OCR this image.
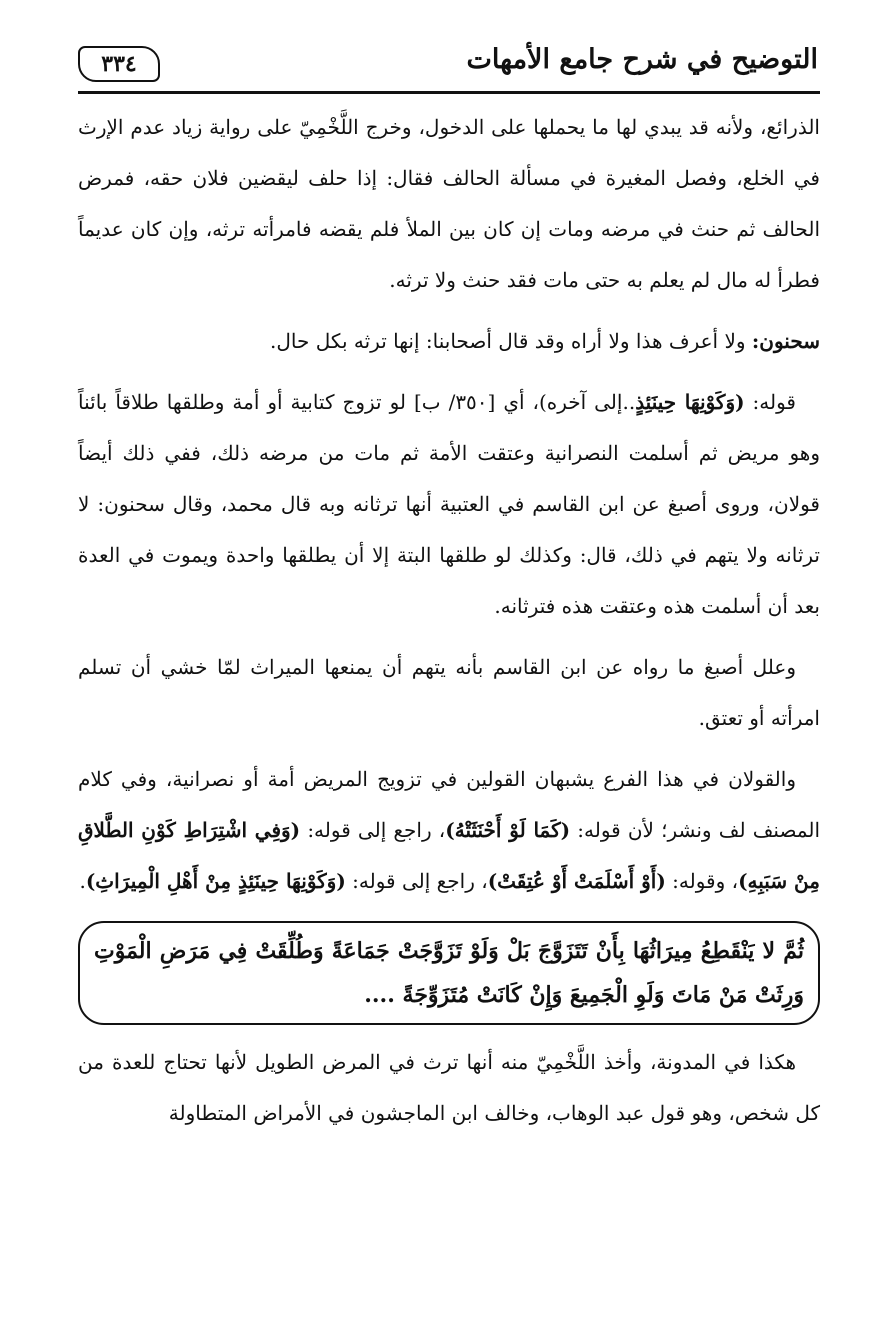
التوضيح في شرح جامع الأمهات
٣٣٤

الذرائع، ولأنه قد يبدي لها ما يحملها على الدخول، وخرج اللَّخْمِيّ على رواية زياد عدم الإرث في الخلع، وفصل المغيرة في مسألة الحالف فقال: إذا حلف ليقضين فلان حقه، فمرض الحالف ثم حنث في مرضه ومات إن كان بين الملأ فلم يقضه فامرأته ترثه، وإن كان عديماً فطرأ له مال لم يعلم به حتى مات فقد حنث ولا ترثه.

سحنون: ولا أعرف هذا ولا أراه وقد قال أصحابنا: إنها ترثه بكل حال.

قوله: (وَكَوْنِهَا حِينَئِذٍ..إلى آخره)، أي [٣٥٠/ ب] لو تزوج كتابية أو أمة وطلقها طلاقاً بائناً وهو مريض ثم أسلمت النصرانية وعتقت الأمة ثم مات من مرضه ذلك، ففي ذلك أيضاً قولان، وروى أصبغ عن ابن القاسم في العتبية أنها ترثانه وبه قال محمد، وقال سحنون: لا ترثانه ولا يتهم في ذلك، قال: وكذلك لو طلقها البتة إلا أن يطلقها واحدة ويموت في العدة بعد أن أسلمت هذه وعتقت هذه فترثانه.

وعلل أصبغ ما رواه عن ابن القاسم بأنه يتهم أن يمنعها الميراث لمّا خشي أن تسلم امرأته أو تعتق.

والقولان في هذا الفرع يشبهان القولين في تزويج المريض أمة أو نصرانية، وفي كلام المصنف لف ونشر؛ لأن قوله: (كَمَا لَوْ أَحْنَثَتْهُ)، راجع إلى قوله: (وَفِي اشْتِرَاطِ كَوْنِ الطَّلاقِ مِنْ سَبَبِهِ)، وقوله: (أَوْ أَسْلَمَتْ أَوْ عُتِقَتْ)، راجع إلى قوله: (وَكَوْنِهَا حِينَئِذٍ مِنْ أَهْلِ الْمِيرَاثِ).

ثُمَّ لا يَنْقَطِعُ مِيرَاثُهَا بِأَنْ تَتَزَوَّجَ بَلْ وَلَوْ تَزَوَّجَتْ جَمَاعَةً وَطُلِّقَتْ فِي مَرَضِ الْمَوْتِ وَرِثَتْ مَنْ مَاتَ وَلَوِ الْجَمِيعَ وَإِنْ كَانَتْ مُتَزَوِّجَةً ....

هكذا في المدونة، وأخذ اللَّخْمِيّ منه أنها ترث في المرض الطويل لأنها تحتاج للعدة من كل شخص، وهو قول عبد الوهاب، وخالف ابن الماجشون في الأمراض المتطاولة
